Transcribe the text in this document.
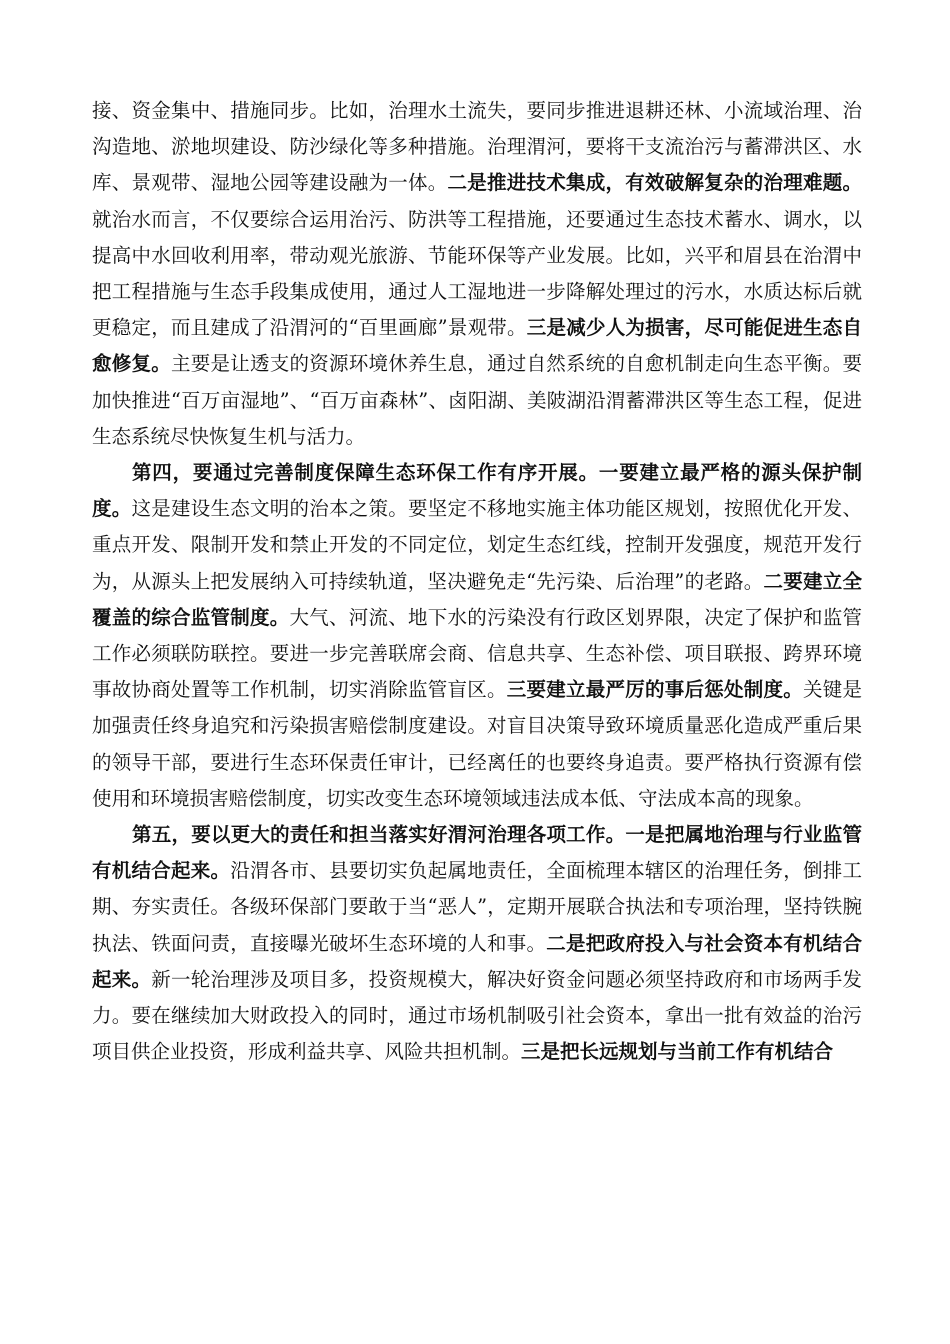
接、资金集中、措施同步。比如，治理水土流失，要同步推进退耕还林、小流域治理、治沟造地、淤地坝建设、防沙绿化等多种措施。治理渭河，要将干支流治污与蓄滞洪区、水库、景观带、湿地公园等建设融为一体。二是推进技术集成，有效破解复杂的治理难题。就治水而言，不仅要综合运用治污、防洪等工程措施，还要通过生态技术蓄水、调水，以提高中水回收利用率，带动观光旅游、节能环保等产业发展。比如，兴平和眉县在治渭中把工程措施与生态手段集成使用，通过人工湿地进一步降解处理过的污水，水质达标后就更稳定，而且建成了沿渭河的“百里画廊”景观带。三是减少人为损害，尽可能促进生态自愈修复。主要是让透支的资源环境休养生息，通过自然系统的自愈机制走向生态平衡。要加快推进“百万亩湿地”、“百万亩森林”、卤阳湖、美陂湖沿渭蓄滞洪区等生态工程，促进生态系统尽快恢复生机与活力。

第四，要通过完善制度保障生态环保工作有序开展。一要建立最严格的源头保护制度。这是建设生态文明的治本之策。要坚定不移地实施主体功能区规划，按照优化开发、重点开发、限制开发和禁止开发的不同定位，划定生态红线，控制开发强度，规范开发行为，从源头上把发展纳入可持续轨道，坚决避免走“先污染、后治理”的老路。二要建立全覆盖的综合监管制度。大气、河流、地下水的污染没有行政区划界限，决定了保护和监管工作必须联防联控。要进一步完善联席会商、信息共享、生态补偿、项目联报、跨界环境事故协商处置等工作机制，切实消除监管盲区。三要建立最严厉的事后惩处制度。关键是加强责任终身追究和污染损害赔偿制度建设。对盲目决策导致环境质量恶化造成严重后果的领导干部，要进行生态环保责任审计，已经离任的也要终身追责。要严格执行资源有偿使用和环境损害赔偿制度，切实改变生态环境领域违法成本低、守法成本高的现象。

第五，要以更大的责任和担当落实好渭河治理各项工作。一是把属地治理与行业监管有机结合起来。沿渭各市、县要切实负起属地责任，全面梳理本辖区的治理任务，倒排工期、夯实责任。各级环保部门要敢于当“恶人”，定期开展联合执法和专项治理，坚持铁腕执法、铁面问责，直接曝光破坏生态环境的人和事。二是把政府投入与社会资本有机结合起来。新一轮治理涉及项目多，投资规模大，解决好资金问题必须坚持政府和市场两手发力。要在继续加大财政投入的同时，通过市场机制吸引社会资本，拿出一批有效益的治污项目供企业投资，形成利益共享、风险共担机制。三是把长远规划与当前工作有机结合
